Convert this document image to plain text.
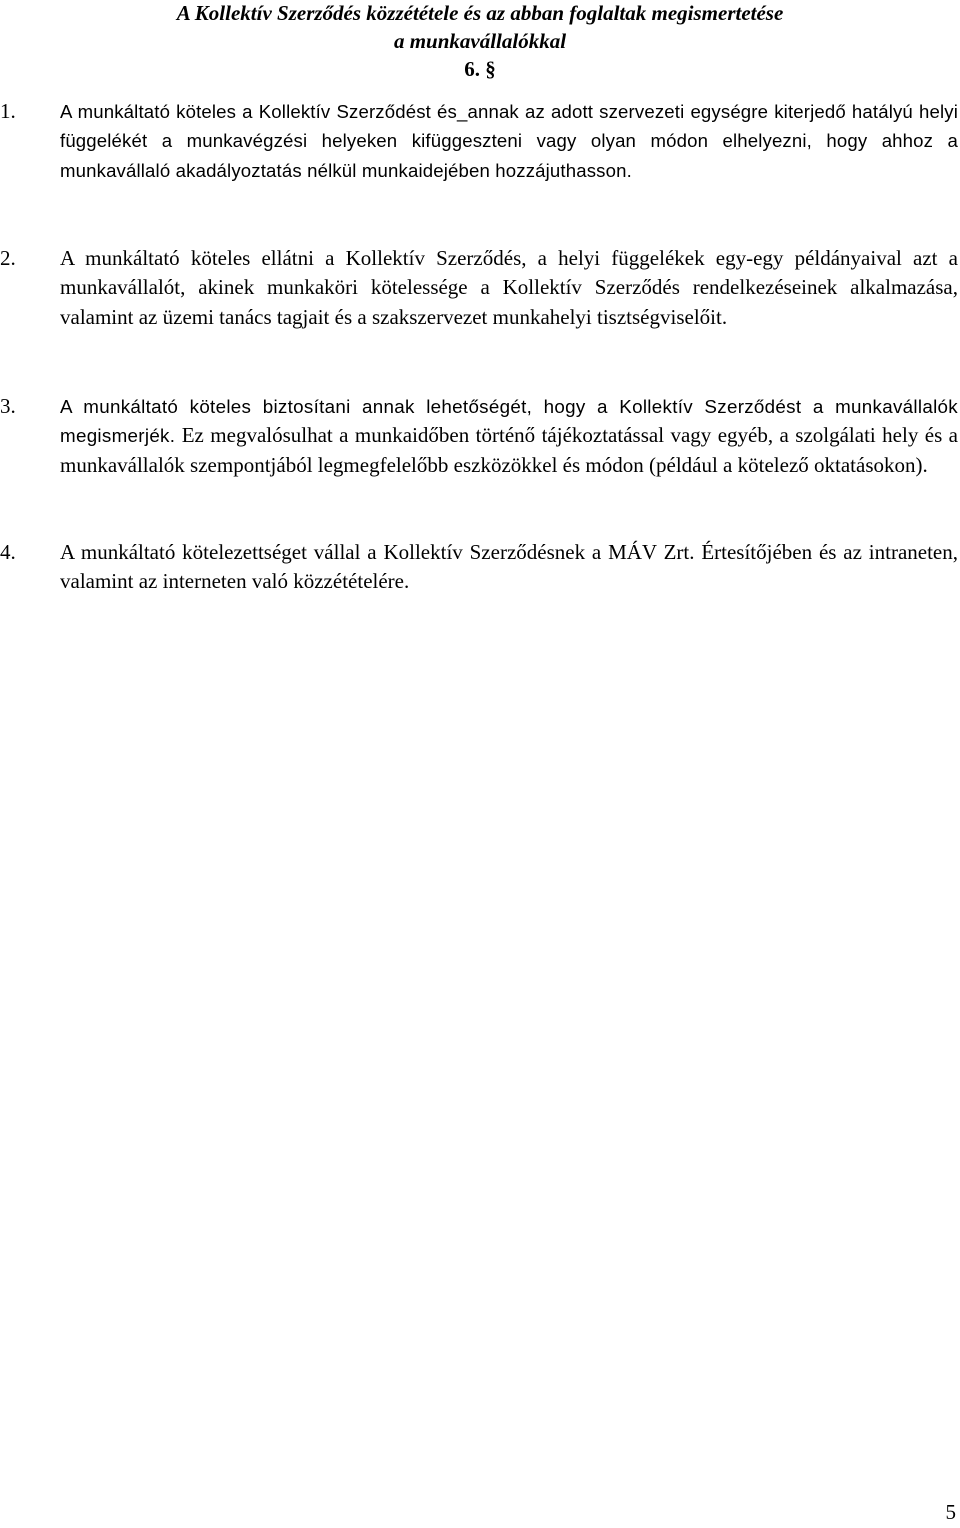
A Kollektív Szerződés közzététele és az abban foglaltak megismertetése
a munkavállalókkal
6. §
1. A munkáltató köteles a Kollektív Szerződést és_annak az adott szervezeti egységre kiterjedő hatályú helyi függelékét a munkavégzési helyeken kifüggeszteni vagy olyan módon elhelyezni, hogy ahhoz a munkavállaló akadályoztatás nélkül munkaidejében hozzájuthasson.
2. A munkáltató köteles ellátni a Kollektív Szerződés, a helyi függelékek egy-egy példányaival azt a munkavállalót, akinek munkaköri kötelessége a Kollektív Szerződés rendelkezéseinek alkalmazása, valamint az üzemi tanács tagjait és a szakszervezet munkahelyi tisztségviselőit.
3. A munkáltató köteles biztosítani annak lehetőségét, hogy a Kollektív Szerződést a munkavállalók megismerjék. Ez megvalósulhat a munkaidőben történő tájékoztatással vagy egyéb, a szolgálati hely és a munkavállalók szempontjából legmegfelelőbb eszközökkel és módon (például a kötelező oktatásokon).
4. A munkáltató kötelezettséget vállal a Kollektív Szerződésnek a MÁV Zrt. Értesítőjében és az intraneten, valamint az interneten való közzétételére.
5
